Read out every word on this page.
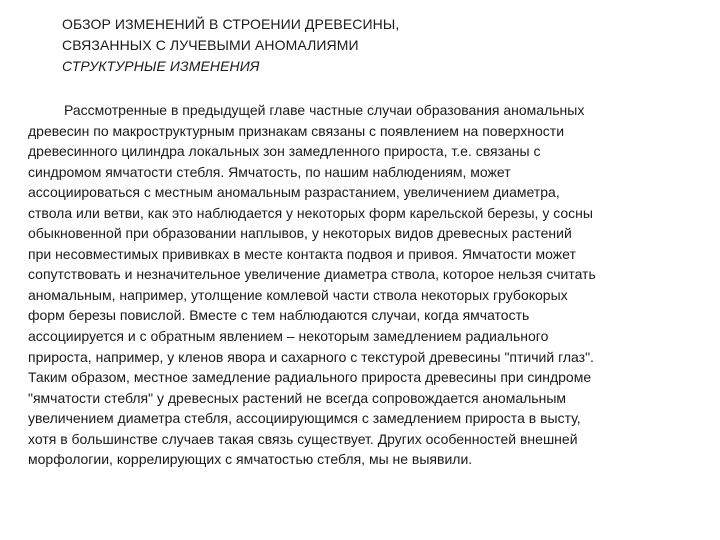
ОБЗОР ИЗМЕНЕНИЙ В СТРОЕНИИ ДРЕВЕСИНЫ,
СВЯЗАННЫХ С ЛУЧЕВЫМИ АНОМАЛИЯМИ
СТРУКТУРНЫЕ ИЗМЕНЕНИЯ

Рассмотренные в предыдущей главе частные случаи образования аномальных
древесин по макроструктурным признакам связаны с появлением на поверхности
древесинного цилиндра локальных зон замедленного прироста, т.е. связаны с
синдромом ямчатости стебля. Ямчатость, по нашим наблюдениям, может
ассоциироваться с местным аномальным разрастанием, увеличением диаметра,
ствола или ветви, как это наблюдается у некоторых форм карельской березы, у сосны
обыкновенной при образовании наплывов, у некоторых видов древесных растений
при несовместимых прививках в месте контакта подвоя и привоя. Ямчатости может
сопутствовать и незначительное увеличение диаметра ствола, которое нельзя считать
аномальным, например, утолщение комлевой части ствола некоторых грубокорых
форм березы повислой. Вместе с тем наблюдаются случаи, когда ямчатость
ассоциируется и с обратным явлением – некоторым замедлением радиального
прироста, например, у кленов явора и сахарного с текстурой древесины "птичий глаз".
Таким образом, местное замедление радиального прироста древесины при синдроме
"ямчатости стебля" у древесных растений не всегда сопровождается аномальным
увеличением диаметра стебля, ассоциирующимся с замедлением прироста в высту,
хотя в большинстве случаев такая связь существует. Других особенностей внешней
морфологии, коррелирующих с ямчатостью стебля, мы не выявили.
